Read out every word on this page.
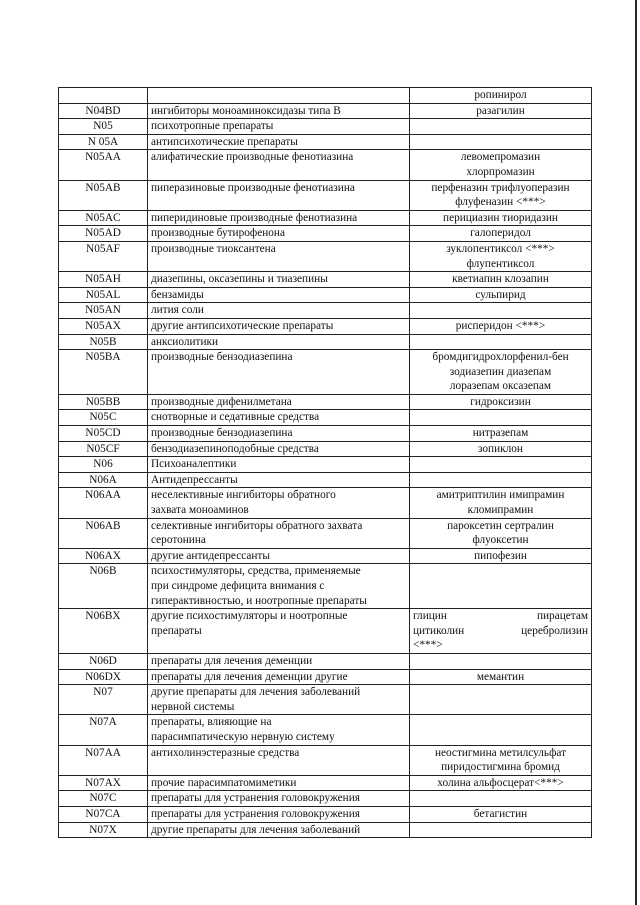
		ропинирол

N04BD	ингибиторы моноаминоксидазы типа В	разагилин

N05	психотропные препараты	

N 05A	антипсихотические препараты	

N05AA	алифатические производные фенотиазина	левомепромазин
хлорпромазин

N05AB	пиперазиновые производные фенотиазина	перфеназин трифлуоперазин
флуфеназин <***>

N05AC	пиперидиновые производные фенотиазина	перициазин тиоридазин

N05AD	производные бутирофенона	галоперидол

N05AF	производные тиоксантена	зуклопентиксол <***>
флупентиксол

N05AH	диазепины, оксазепины и тиазепины	кветиапин клозапин

N05AL	бензамиды	сульпирид

N05AN	лития соли	

N05AX	другие антипсихотические препараты	рисперидон <***>

N05B	анксиолитики	

N05BA	производные бензодиазепина	бромдигидрохлорфенил-бен
зодиазепин диазепам
лоразепам оксазепам

N05BB	производные дифенилметана	гидроксизин

N05C	снотворные и седативные средства	

N05CD	производные бензодиазепина	нитразепам

N05CF	бензодиазепиноподобные средства	зопиклон

N06	Психоаналептики	

N06A	Антидепрессанты	

N06AA	неселективные ингибиторы обратного
захвата моноаминов	амитриптилин имипрамин
кломипрамин

N06AB	селективные ингибиторы обратного захвата
серотонина	пароксетин сертралин
флуоксетин

N06AX	другие антидепрессанты	пипофезин

N06B	психостимуляторы, средства, применяемые
при синдроме дефицита внимания с
гиперактивностью, и ноотропные препараты	

N06BX	другие психостимуляторы и ноотропные
препараты	глицин пирацетам
цитиколин церебролизин
<***>

N06D	препараты для лечения деменции	

N06DX	препараты для лечения деменции другие	мемантин

N07	другие препараты для лечения заболеваний
нервной системы	

N07A	препараты, влияющие на
парасимпатическую нервную систему	

N07AA	антихолинэстеразные средства	неостигмина метилсульфат
пиридостигмина бромид

N07AX	прочие парасимпатомиметики	холина альфосцерат<***>

N07C	препараты для устранения головокружения	

N07CA	препараты для устранения головокружения	бетагистин

N07X	другие препараты для лечения заболеваний	
